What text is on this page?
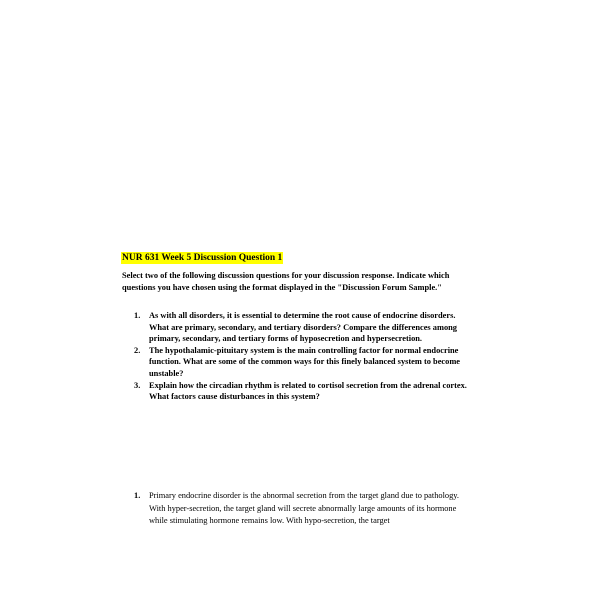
NUR 631 Week 5 Discussion Question 1
Select two of the following discussion questions for your discussion response. Indicate which questions you have chosen using the format displayed in the "Discussion Forum Sample."
1. As with all disorders, it is essential to determine the root cause of endocrine disorders. What are primary, secondary, and tertiary disorders? Compare the differences among primary, secondary, and tertiary forms of hyposecretion and hypersecretion.
2. The hypothalamic-pituitary system is the main controlling factor for normal endocrine function. What are some of the common ways for this finely balanced system to become unstable?
3. Explain how the circadian rhythm is related to cortisol secretion from the adrenal cortex. What factors cause disturbances in this system?
1. Primary endocrine disorder is the abnormal secretion from the target gland due to pathology. With hyper-secretion, the target gland will secrete abnormally large amounts of its hormone while stimulating hormone remains low. With hypo-secretion, the target
